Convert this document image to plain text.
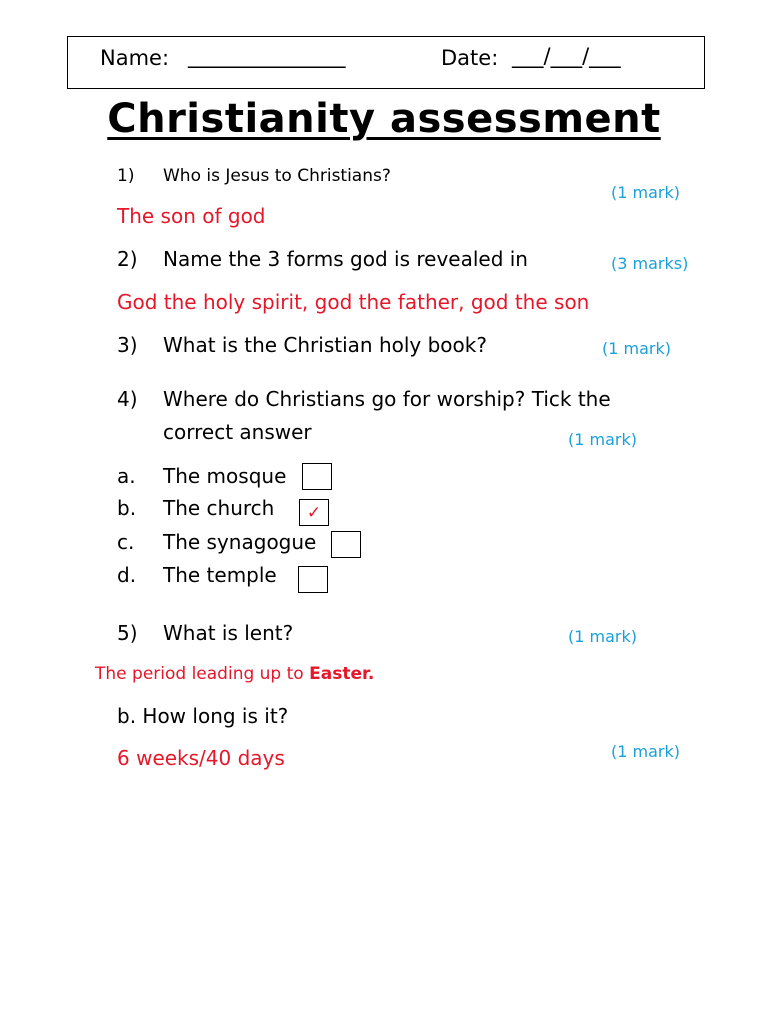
Name: _______________	Date: ___/___/___
Christianity assessment
1) Who is Jesus to Christians?
(1 mark)
The son of god
2) Name the 3 forms god is revealed in	(3 marks)
God the holy spirit, god the father, god the son
3) What is the Christian holy book?	(1 mark)
4) Where do Christians go for worship? Tick the
correct answer	(1 mark)
a. The mosque
b. The church ✓
c. The synagogue
d. The temple
5) What is lent?	(1 mark)
The period leading up to Easter.
b. How long is it?
(1 mark)
6 weeks/40 days
